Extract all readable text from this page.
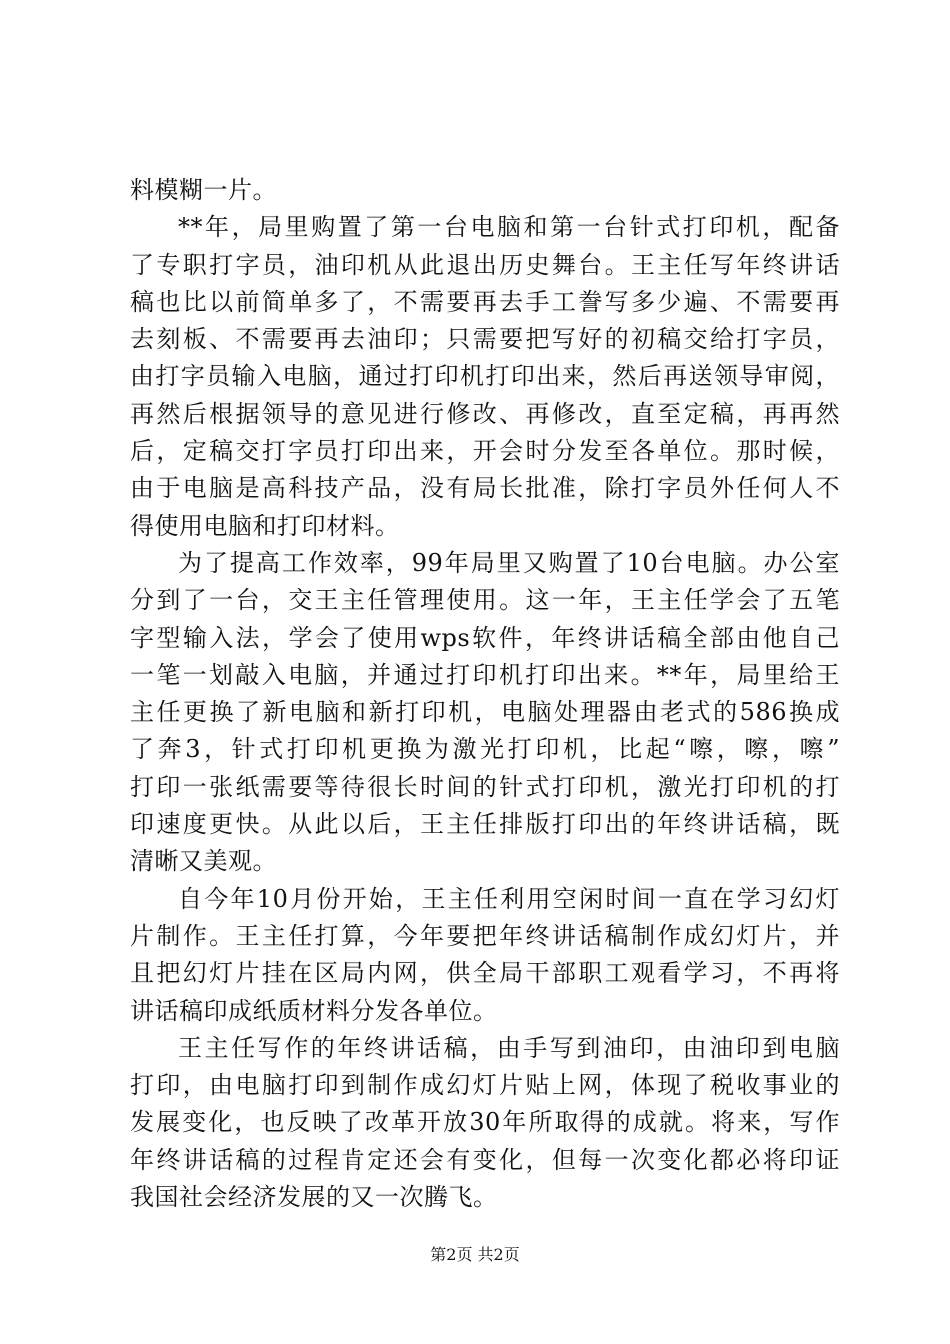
料模糊一片。
**年，局里购置了第一台电脑和第一台针式打印机，配备
了专职打字员，油印机从此退出历史舞台。王主任写年终讲话
稿也比以前简单多了，不需要再去手工誊写多少遍、不需要再
去刻板、不需要再去油印；只需要把写好的初稿交给打字员，
由打字员输入电脑，通过打印机打印出来，然后再送领导审阅，
再然后根据领导的意见进行修改、再修改，直至定稿，再再然
后，定稿交打字员打印出来，开会时分发至各单位。那时候，
由于电脑是高科技产品，没有局长批准，除打字员外任何人不
得使用电脑和打印材料。
为了提高工作效率，99年局里又购置了10台电脑。办公室
分到了一台，交王主任管理使用。这一年，王主任学会了五笔
字型输入法，学会了使用wps软件，年终讲话稿全部由他自己
一笔一划敲入电脑，并通过打印机打印出来。**年，局里给王
主任更换了新电脑和新打印机，电脑处理器由老式的586换成
了奔3，针式打印机更换为激光打印机，比起“嚓，嚓，嚓”
打印一张纸需要等待很长时间的针式打印机，激光打印机的打
印速度更快。从此以后，王主任排版打印出的年终讲话稿，既
清晰又美观。
自今年10月份开始，王主任利用空闲时间一直在学习幻灯
片制作。王主任打算，今年要把年终讲话稿制作成幻灯片，并
且把幻灯片挂在区局内网，供全局干部职工观看学习，不再将
讲话稿印成纸质材料分发各单位。
王主任写作的年终讲话稿，由手写到油印，由油印到电脑
打印，由电脑打印到制作成幻灯片贴上网，体现了税收事业的
发展变化，也反映了改革开放30年所取得的成就。将来，写作
年终讲话稿的过程肯定还会有变化，但每一次变化都必将印证
我国社会经济发展的又一次腾飞。
第2页 共2页
